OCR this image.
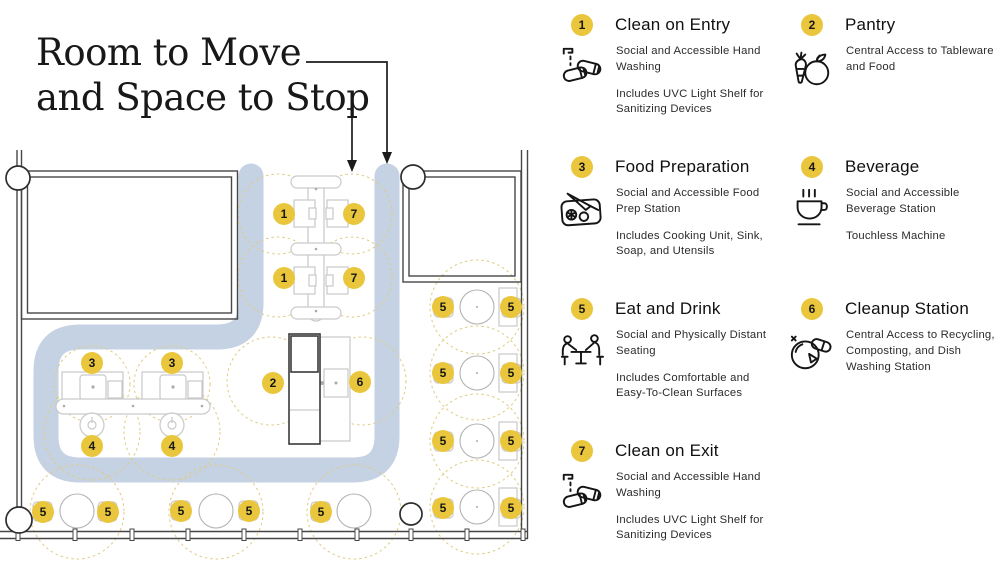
1	7
1	7
2	6
3	3
4	4
5	5
5	5
5	5
5	5
5	5	5	5	5
Room to Move
and Space to Stop
1	Clean on Entry

Social and Accessible Hand Washing

Includes UVC Light Shelf for Sanitizing Devices

2	Pantry

Central Access to Tableware and Food

3	Food Preparation

Social and Accessible Food Prep Station

Includes Cooking Unit, Sink, Soap, and Utensils

4	Beverage

Social and Accessible Beverage Station

Touchless Machine

5	Eat and Drink

Social and Physically Distant Seating

Includes Comfortable and Easy-To-Clean Surfaces

6	Cleanup Station

Central Access to Recycling, Composting, and Dish Washing Station

7	Clean on Exit

Social and Accessible Hand Washing

Includes UVC Light Shelf for Sanitizing Devices
